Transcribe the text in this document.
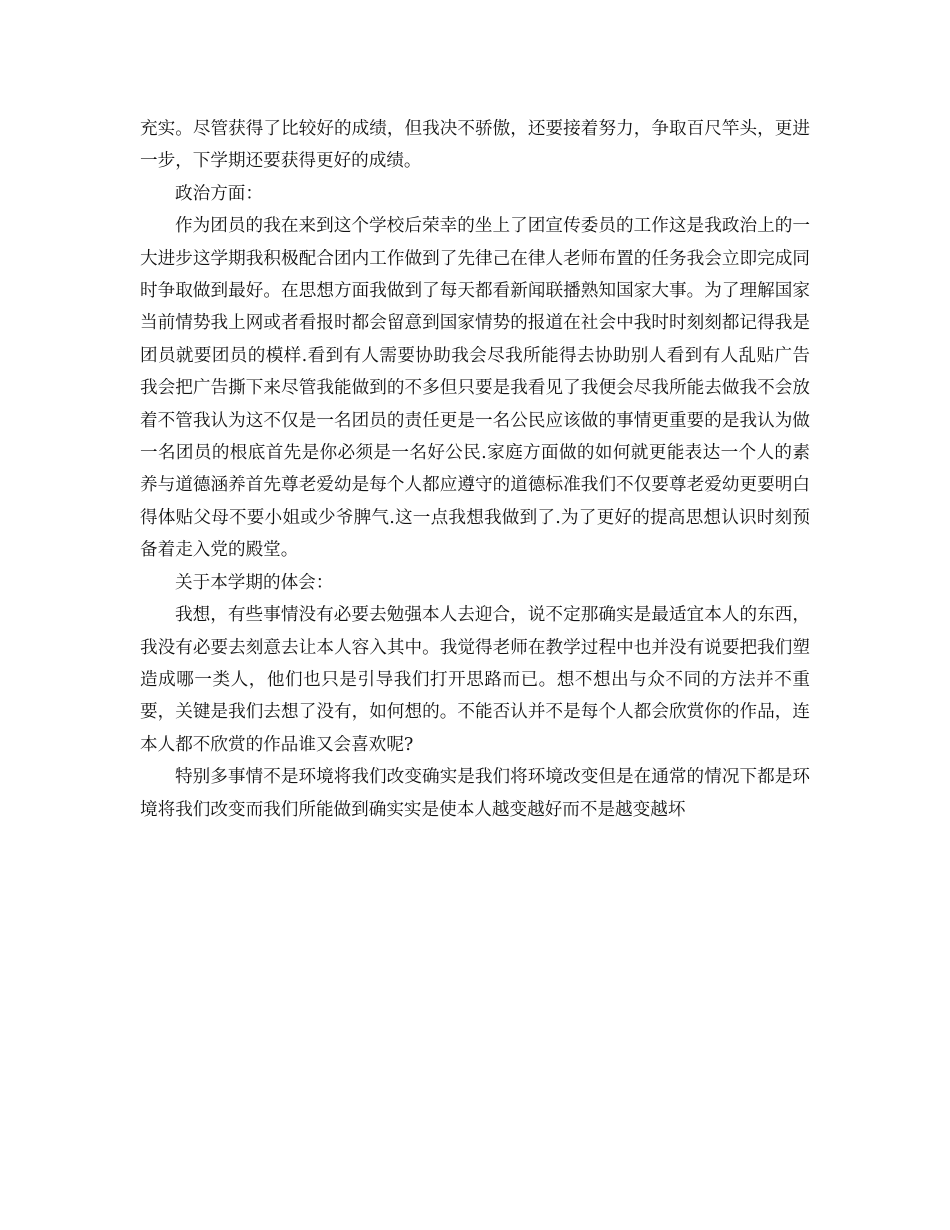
充实。尽管获得了比较好的成绩，但我决不骄傲，还要接着努力，争取百尺竿头，更进一步，下学期还要获得更好的成绩。

政治方面：

作为团员的我在来到这个学校后荣幸的坐上了团宣传委员的工作这是我政治上的一大进步这学期我积极配合团内工作做到了先律己在律人老师布置的任务我会立即完成同时争取做到最好。在思想方面我做到了每天都看新闻联播熟知国家大事。为了理解国家当前情势我上网或者看报时都会留意到国家情势的报道在社会中我时时刻刻都记得我是团员就要团员的模样.看到有人需要协助我会尽我所能得去协助别人看到有人乱贴广告我会把广告撕下来尽管我能做到的不多但只要是我看见了我便会尽我所能去做我不会放着不管我认为这不仅是一名团员的责任更是一名公民应该做的事情更重要的是我认为做一名团员的根底首先是你必须是一名好公民.家庭方面做的如何就更能表达一个人的素养与道德涵养首先尊老爱幼是每个人都应遵守的道德标准我们不仅要尊老爱幼更要明白得体贴父母不要小姐或少爷脾气.这一点我想我做到了.为了更好的提高思想认识时刻预备着走入党的殿堂。

关于本学期的体会：

我想，有些事情没有必要去勉强本人去迎合，说不定那确实是最适宜本人的东西，我没有必要去刻意去让本人容入其中。我觉得老师在教学过程中也并没有说要把我们塑造成哪一类人，他们也只是引导我们打开思路而已。想不想出与众不同的方法并不重要，关键是我们去想了没有，如何想的。不能否认并不是每个人都会欣赏你的作品，连本人都不欣赏的作品谁又会喜欢呢?

特别多事情不是环境将我们改变确实是我们将环境改变但是在通常的情况下都是环境将我们改变而我们所能做到确实实是使本人越变越好而不是越变越坏
